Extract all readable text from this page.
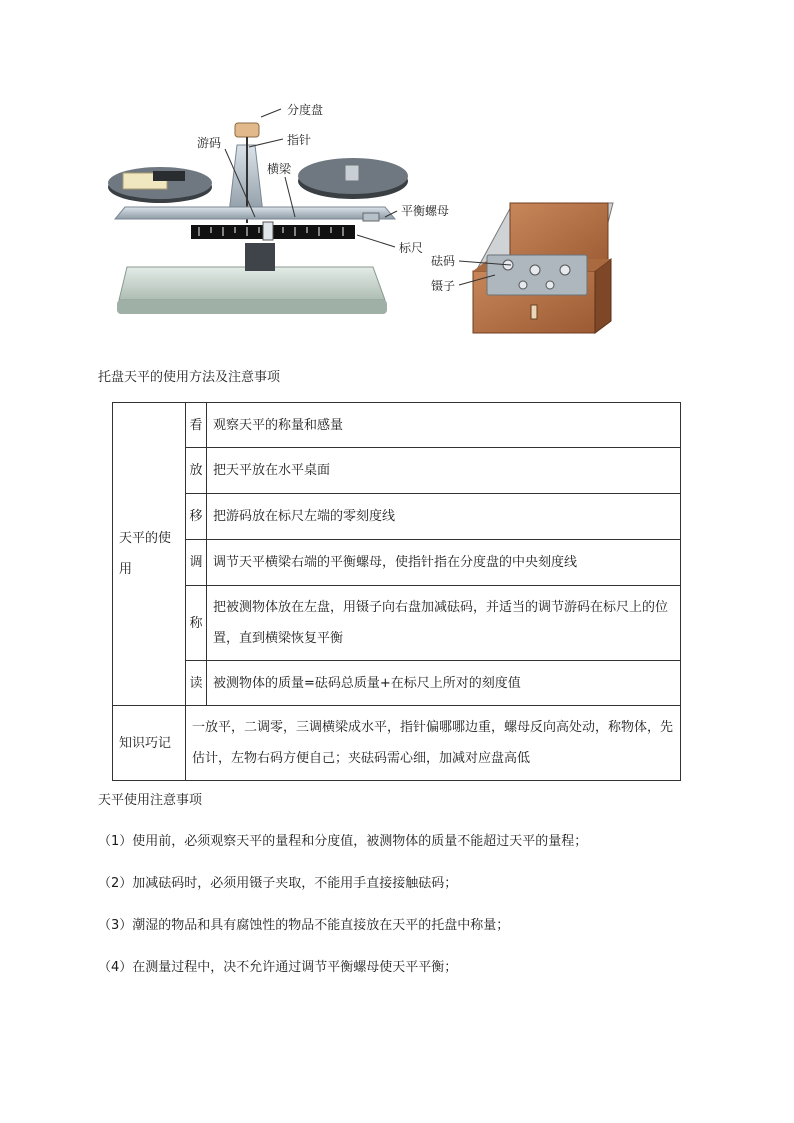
分度盘
指针
游码
横梁
平衡螺母
标尺
砝码
镊子
托盘天平的使用方法及注意事项
天平的使用	看	观察天平的称量和感量
	放	把天平放在水平桌面
	移	把游码放在标尺左端的零刻度线
	调	调节天平横梁右端的平衡螺母，使指针指在分度盘的中央刻度线
	称	把被测物体放在左盘，用镊子向右盘加减砝码，并适当的调节游码在标尺上的位置，直到横梁恢复平衡
	读	被测物体的质量=砝码总质量+在标尺上所对的刻度值
知识巧记	一放平，二调零，三调横梁成水平，指针偏哪哪边重，螺母反向高处动，称物体，先估计，左物右码方便自己；夹砝码需心细，加减对应盘高低	
天平使用注意事项
（1）使用前，必须观察天平的量程和分度值，被测物体的质量不能超过天平的量程；
（2）加减砝码时，必须用镊子夹取，不能用手直接接触砝码；
（3）潮湿的物品和具有腐蚀性的物品不能直接放在天平的托盘中称量；
（4）在测量过程中，决不允许通过调节平衡螺母使天平平衡；
